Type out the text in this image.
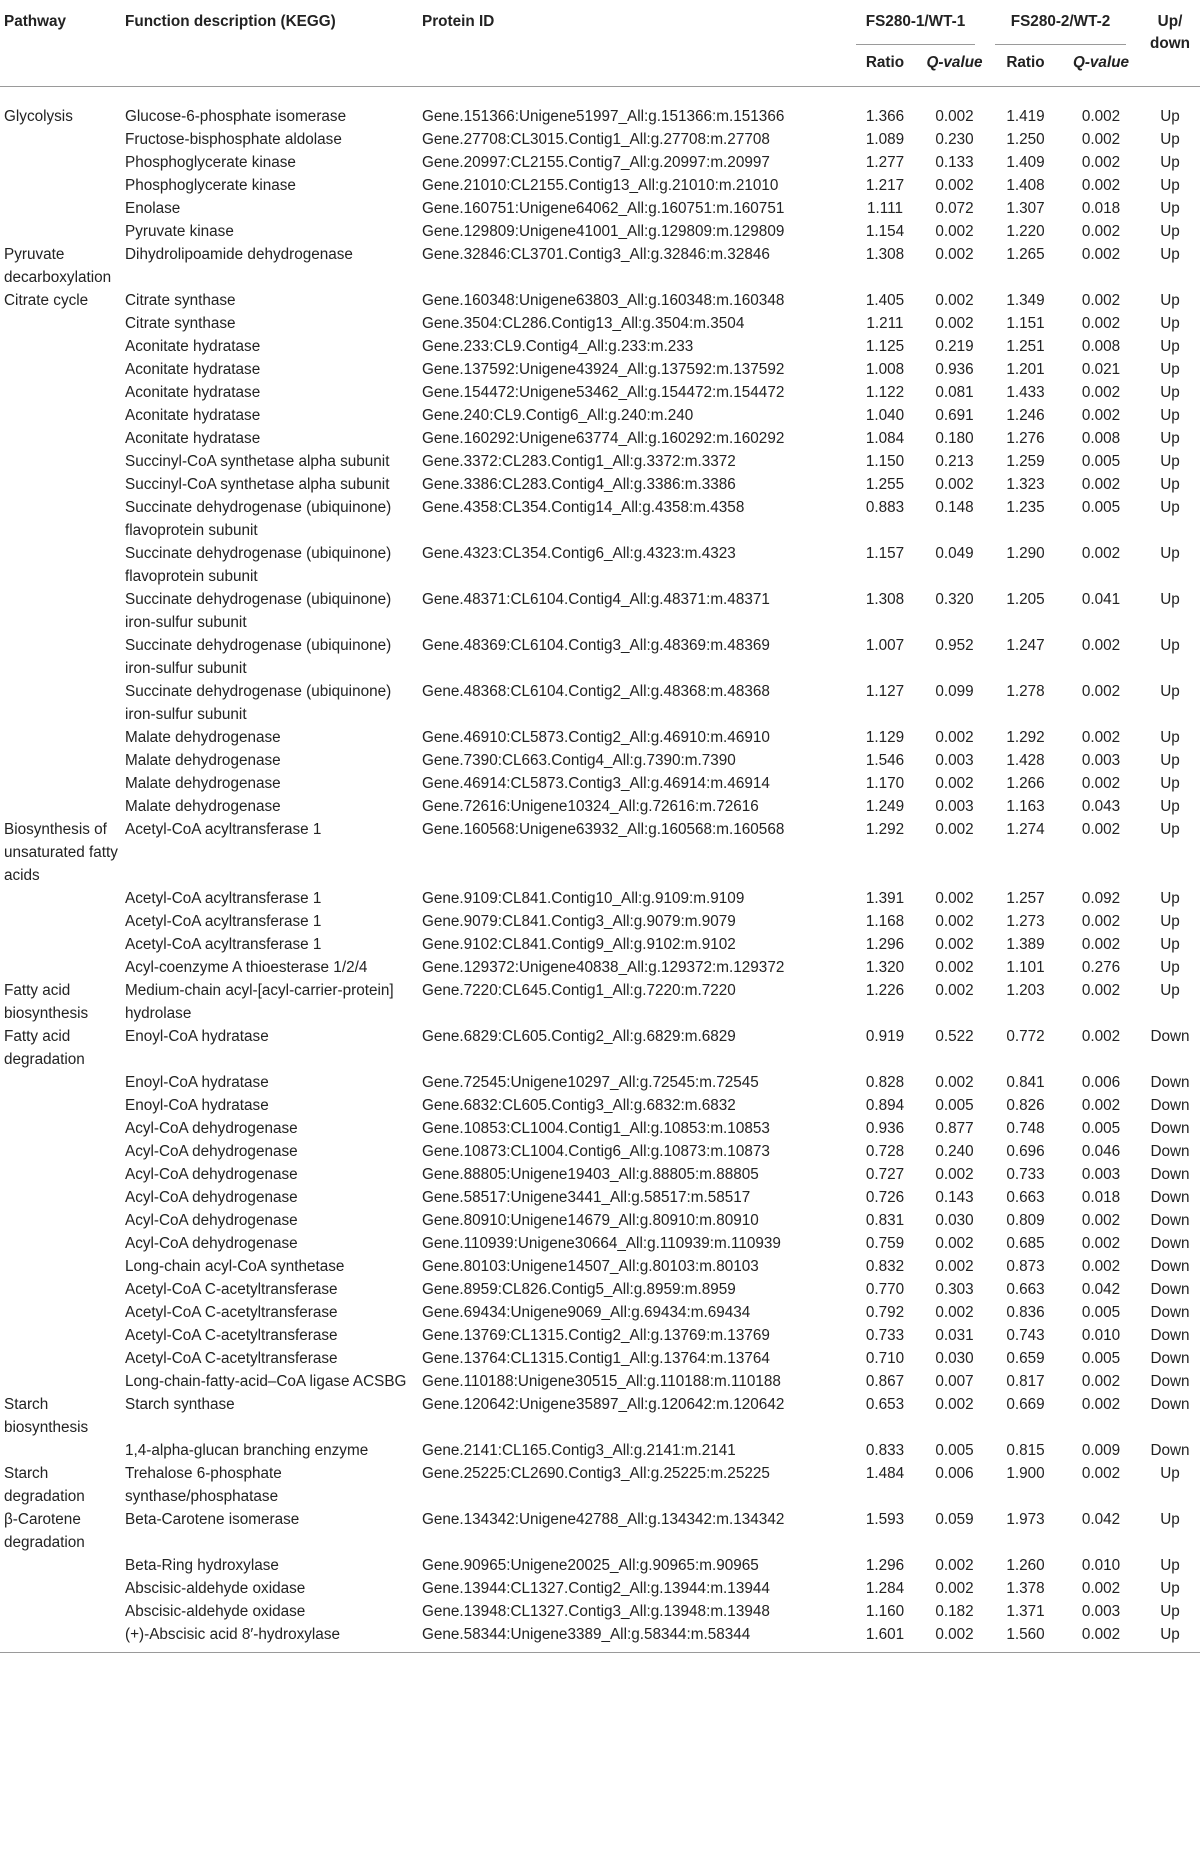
Pathway	Function description (KEGG)	Protein ID	FS280-1/WT-1		FS280-2/WT-2		Up/ down
			Ratio	Q-value	Ratio	Q-value	
Glycolysis	Glucose-6-phosphate isomerase	Gene.151366:Unigene51997_All:g.151366:m.151366	1.366	0.002	1.419	0.002	Up
	Fructose-bisphosphate aldolase	Gene.27708:CL3015.Contig1_All:g.27708:m.27708	1.089	0.230	1.250	0.002	Up
	Phosphoglycerate kinase	Gene.20997:CL2155.Contig7_All:g.20997:m.20997	1.277	0.133	1.409	0.002	Up
	Phosphoglycerate kinase	Gene.21010:CL2155.Contig13_All:g.21010:m.21010	1.217	0.002	1.408	0.002	Up
	Enolase	Gene.160751:Unigene64062_All:g.160751:m.160751	1.111	0.072	1.307	0.018	Up
	Pyruvate kinase	Gene.129809:Unigene41001_All:g.129809:m.129809	1.154	0.002	1.220	0.002	Up
Pyruvate decarboxylation	Dihydrolipoamide dehydrogenase	Gene.32846:CL3701.Contig3_All:g.32846:m.32846	1.308	0.002	1.265	0.002	Up
Citrate cycle	Citrate synthase	Gene.160348:Unigene63803_All:g.160348:m.160348	1.405	0.002	1.349	0.002	Up
	Citrate synthase	Gene.3504:CL286.Contig13_All:g.3504:m.3504	1.211	0.002	1.151	0.002	Up
	Aconitate hydratase	Gene.233:CL9.Contig4_All:g.233:m.233	1.125	0.219	1.251	0.008	Up
	Aconitate hydratase	Gene.137592:Unigene43924_All:g.137592:m.137592	1.008	0.936	1.201	0.021	Up
	Aconitate hydratase	Gene.154472:Unigene53462_All:g.154472:m.154472	1.122	0.081	1.433	0.002	Up
	Aconitate hydratase	Gene.240:CL9.Contig6_All:g.240:m.240	1.040	0.691	1.246	0.002	Up
	Aconitate hydratase	Gene.160292:Unigene63774_All:g.160292:m.160292	1.084	0.180	1.276	0.008	Up
	Succinyl-CoA synthetase alpha subunit	Gene.3372:CL283.Contig1_All:g.3372:m.3372	1.150	0.213	1.259	0.005	Up
	Succinyl-CoA synthetase alpha subunit	Gene.3386:CL283.Contig4_All:g.3386:m.3386	1.255	0.002	1.323	0.002	Up
	Succinate dehydrogenase (ubiquinone) flavoprotein subunit	Gene.4358:CL354.Contig14_All:g.4358:m.4358	0.883	0.148	1.235	0.005	Up
	Succinate dehydrogenase (ubiquinone) flavoprotein subunit	Gene.4323:CL354.Contig6_All:g.4323:m.4323	1.157	0.049	1.290	0.002	Up
	Succinate dehydrogenase (ubiquinone) iron-sulfur subunit	Gene.48371:CL6104.Contig4_All:g.48371:m.48371	1.308	0.320	1.205	0.041	Up
	Succinate dehydrogenase (ubiquinone) iron-sulfur subunit	Gene.48369:CL6104.Contig3_All:g.48369:m.48369	1.007	0.952	1.247	0.002	Up
	Succinate dehydrogenase (ubiquinone) iron-sulfur subunit	Gene.48368:CL6104.Contig2_All:g.48368:m.48368	1.127	0.099	1.278	0.002	Up
	Malate dehydrogenase	Gene.46910:CL5873.Contig2_All:g.46910:m.46910	1.129	0.002	1.292	0.002	Up
	Malate dehydrogenase	Gene.7390:CL663.Contig4_All:g.7390:m.7390	1.546	0.003	1.428	0.003	Up
	Malate dehydrogenase	Gene.46914:CL5873.Contig3_All:g.46914:m.46914	1.170	0.002	1.266	0.002	Up
	Malate dehydrogenase	Gene.72616:Unigene10324_All:g.72616:m.72616	1.249	0.003	1.163	0.043	Up
Biosynthesis of unsaturated fatty acids	Acetyl-CoA acyltransferase 1	Gene.160568:Unigene63932_All:g.160568:m.160568	1.292	0.002	1.274	0.002	Up
	Acetyl-CoA acyltransferase 1	Gene.9109:CL841.Contig10_All:g.9109:m.9109	1.391	0.002	1.257	0.092	Up
	Acetyl-CoA acyltransferase 1	Gene.9079:CL841.Contig3_All:g.9079:m.9079	1.168	0.002	1.273	0.002	Up
	Acetyl-CoA acyltransferase 1	Gene.9102:CL841.Contig9_All:g.9102:m.9102	1.296	0.002	1.389	0.002	Up
	Acyl-coenzyme A thioesterase 1/2/4	Gene.129372:Unigene40838_All:g.129372:m.129372	1.320	0.002	1.101	0.276	Up
Fatty acid biosynthesis	Medium-chain acyl-[acyl-carrier-protein] hydrolase	Gene.7220:CL645.Contig1_All:g.7220:m.7220	1.226	0.002	1.203	0.002	Up
Fatty acid degradation	Enoyl-CoA hydratase	Gene.6829:CL605.Contig2_All:g.6829:m.6829	0.919	0.522	0.772	0.002	Down
	Enoyl-CoA hydratase	Gene.72545:Unigene10297_All:g.72545:m.72545	0.828	0.002	0.841	0.006	Down
	Enoyl-CoA hydratase	Gene.6832:CL605.Contig3_All:g.6832:m.6832	0.894	0.005	0.826	0.002	Down
	Acyl-CoA dehydrogenase	Gene.10853:CL1004.Contig1_All:g.10853:m.10853	0.936	0.877	0.748	0.005	Down
	Acyl-CoA dehydrogenase	Gene.10873:CL1004.Contig6_All:g.10873:m.10873	0.728	0.240	0.696	0.046	Down
	Acyl-CoA dehydrogenase	Gene.88805:Unigene19403_All:g.88805:m.88805	0.727	0.002	0.733	0.003	Down
	Acyl-CoA dehydrogenase	Gene.58517:Unigene3441_All:g.58517:m.58517	0.726	0.143	0.663	0.018	Down
	Acyl-CoA dehydrogenase	Gene.80910:Unigene14679_All:g.80910:m.80910	0.831	0.030	0.809	0.002	Down
	Acyl-CoA dehydrogenase	Gene.110939:Unigene30664_All:g.110939:m.110939	0.759	0.002	0.685	0.002	Down
	Long-chain acyl-CoA synthetase	Gene.80103:Unigene14507_All:g.80103:m.80103	0.832	0.002	0.873	0.002	Down
	Acetyl-CoA C-acetyltransferase	Gene.8959:CL826.Contig5_All:g.8959:m.8959	0.770	0.303	0.663	0.042	Down
	Acetyl-CoA C-acetyltransferase	Gene.69434:Unigene9069_All:g.69434:m.69434	0.792	0.002	0.836	0.005	Down
	Acetyl-CoA C-acetyltransferase	Gene.13769:CL1315.Contig2_All:g.13769:m.13769	0.733	0.031	0.743	0.010	Down
	Acetyl-CoA C-acetyltransferase	Gene.13764:CL1315.Contig1_All:g.13764:m.13764	0.710	0.030	0.659	0.005	Down
	Long-chain-fatty-acid–CoA ligase ACSBG	Gene.110188:Unigene30515_All:g.110188:m.110188	0.867	0.007	0.817	0.002	Down
Starch biosynthesis	Starch synthase	Gene.120642:Unigene35897_All:g.120642:m.120642	0.653	0.002	0.669	0.002	Down
	1,4-alpha-glucan branching enzyme	Gene.2141:CL165.Contig3_All:g.2141:m.2141	0.833	0.005	0.815	0.009	Down
Starch degradation	Trehalose 6-phosphate synthase/phosphatase	Gene.25225:CL2690.Contig3_All:g.25225:m.25225	1.484	0.006	1.900	0.002	Up
β-Carotene degradation	Beta-Carotene isomerase	Gene.134342:Unigene42788_All:g.134342:m.134342	1.593	0.059	1.973	0.042	Up
	Beta-Ring hydroxylase	Gene.90965:Unigene20025_All:g.90965:m.90965	1.296	0.002	1.260	0.010	Up
	Abscisic-aldehyde oxidase	Gene.13944:CL1327.Contig2_All:g.13944:m.13944	1.284	0.002	1.378	0.002	Up
	Abscisic-aldehyde oxidase	Gene.13948:CL1327.Contig3_All:g.13948:m.13948	1.160	0.182	1.371	0.003	Up
	(+)-Abscisic acid 8′-hydroxylase	Gene.58344:Unigene3389_All:g.58344:m.58344	1.601	0.002	1.560	0.002	Up
